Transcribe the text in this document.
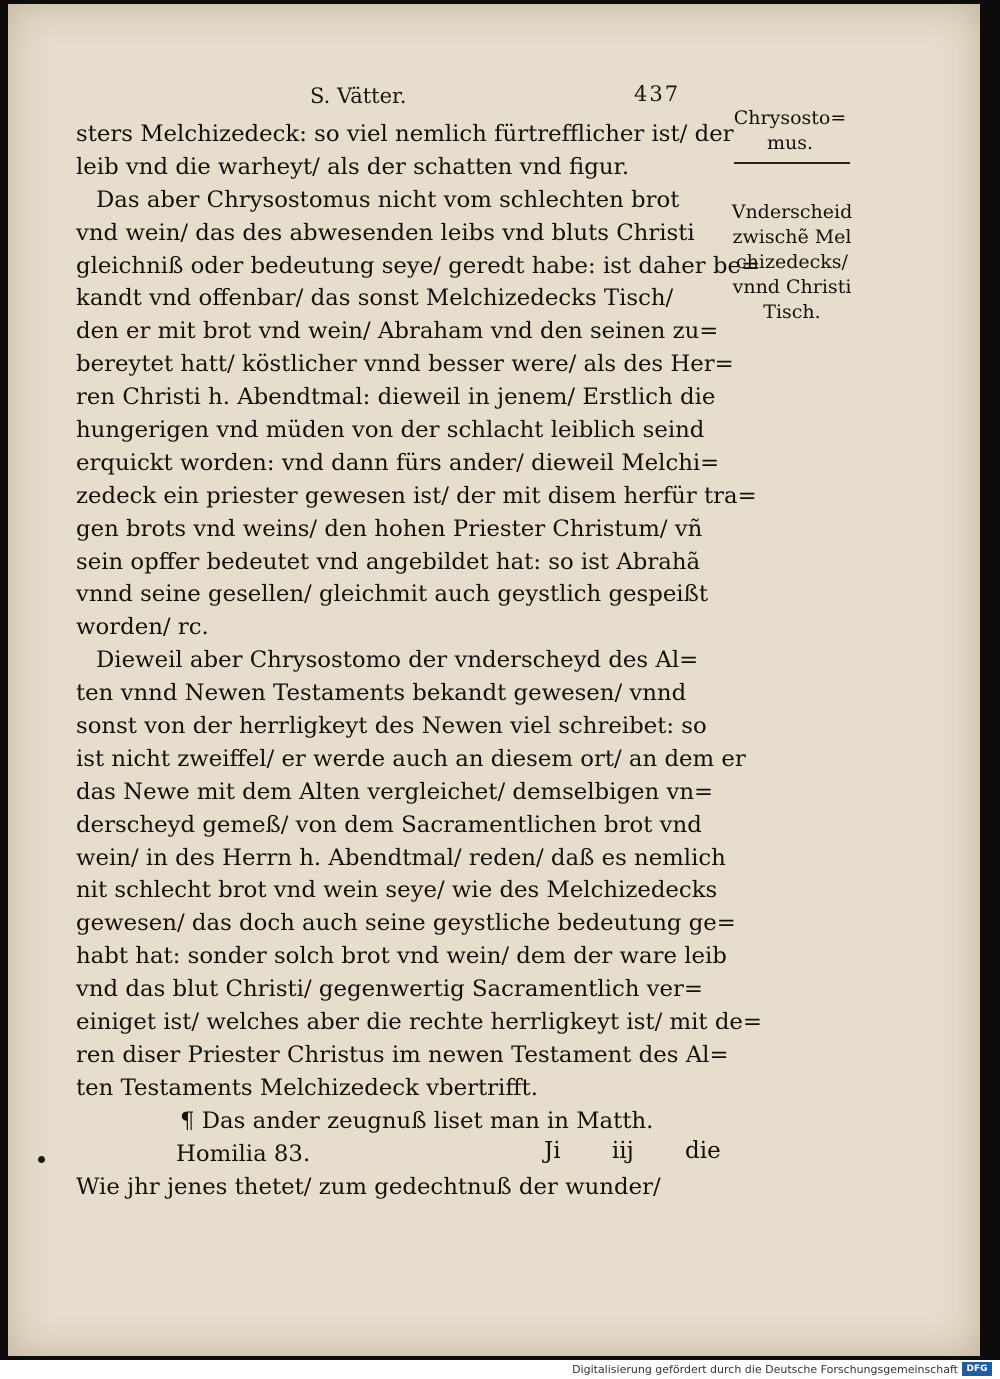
S. Vätter.	437
Chrysosto= mus.
Vnderscheid zwischẽ Mel chizedecks/ vnnd Christi Tisch.
sters Melchizedeck: so viel nemlich fürtrefflicher ist/ der
leib vnd die warheyt/ als der schatten vnd figur.
Das aber Chrysostomus nicht vom schlechten brot
vnd wein/ das des abwesenden leibs vnd bluts Christi
gleichniß oder bedeutung seye/ geredt habe: ist daher be=
kandt vnd offenbar/ das sonst Melchizedecks Tisch/
den er mit brot vnd wein/ Abraham vnd den seinen zu=
bereytet hatt/ köstlicher vnnd besser were/ als des Her=
ren Christi h. Abendtmal: dieweil in jenem/ Erstlich die
hungerigen vnd müden von der schlacht leiblich seind
erquickt worden: vnd dann fürs ander/ dieweil Melchi=
zedeck ein priester gewesen ist/ der mit disem herfür tra=
gen brots vnd weins/ den hohen Priester Christum/ vñ
sein opffer bedeutet vnd angebildet hat: so ist Abrahã
vnnd seine gesellen/ gleichmit auch geystlich gespeißt
worden/ rc.
Dieweil aber Chrysostomo der vnderscheyd des Al=
ten vnnd Newen Testaments bekandt gewesen/ vnnd
sonst von der herrligkeyt des Newen viel schreibet: so
ist nicht zweiffel/ er werde auch an diesem ort/ an dem er
das Newe mit dem Alten vergleichet/ demselbigen vn=
derscheyd gemeß/ von dem Sacramentlichen brot vnd
wein/ in des Herrn h. Abendtmal/ reden/ daß es nemlich
nit schlecht brot vnd wein seye/ wie des Melchizedecks
gewesen/ das doch auch seine geystliche bedeutung ge=
habt hat: sonder solch brot vnd wein/ dem der ware leib
vnd das blut Christi/ gegenwertig Sacramentlich ver=
einiget ist/ welches aber die rechte herrligkeyt ist/ mit de=
ren diser Priester Christus im newen Testament des Al=
ten Testaments Melchizedeck vbertrifft.
¶ Das ander zeugnuß liset man in Matth.
Homilia 83.
Wie jhr jenes thetet/ zum gedechtnuß der wunder/
Ji iij die
Digitalisierung gefördert durch die Deutsche Forschungsgemeinschaft DFG
